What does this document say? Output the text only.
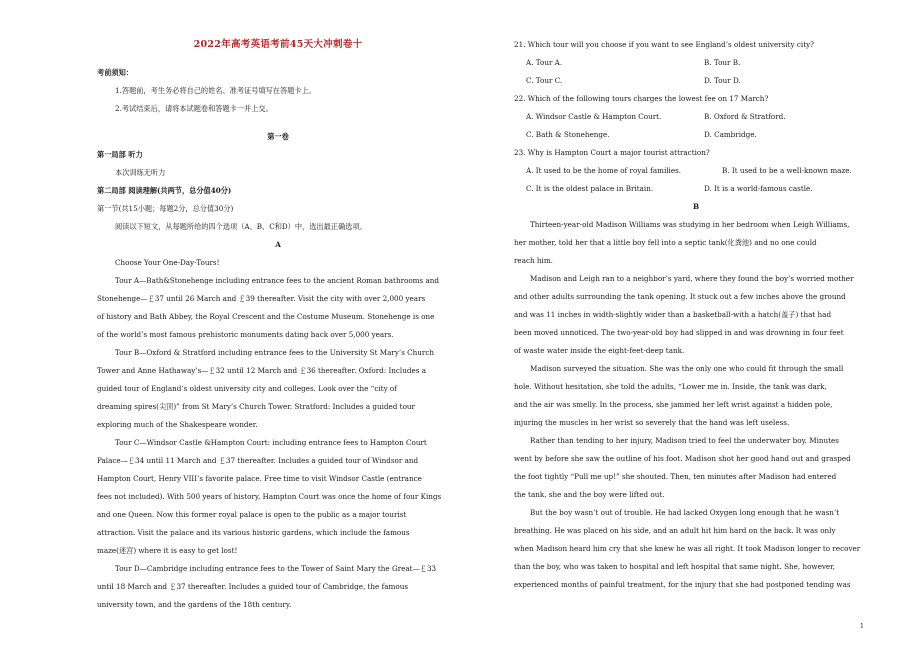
2022年高考英语考前45天大冲刺卷十
考前须知：
1.答题前，考生务必将自己的姓名、准考证号填写在答题卡上。
2.考试结束后，请将本试题卷和答题卡一并上交。
第一卷
第一局部 听力
本次训练无听力
第二局部 阅读理解(共两节，总分值40分)
第一节(共15小题；每题2分，总分值30分)
阅读以下短文，从每题所给的四个选项（A、B、C和D）中，选出最正确选项。
A
Choose Your One-Day-Tours!
Tour A—Bath&Stonehenge including entrance fees to the ancient Roman bathrooms and
Stonehenge—￡37 until 26 March and ￡39 thereafter. Visit the city with over 2,000 years
of history and Bath Abbey, the Royal Crescent and the Costume Museum. Stonehenge is one
of the world’s most famous prehistoric monuments dating back over 5,000 years.
Tour B—Oxford & Stratford including entrance fees to the University St Mary’s Church
Tower and Anne Hathaway’s—￡32 until 12 March and ￡36 thereafter. Oxford: Includes a
guided tour of England’s oldest university city and colleges. Look over the “city of
dreaming spires(尖顶)” from St Mary’s Church Tower. Stratford: Includes a guided tour
exploring much of the Shakespeare wonder.
Tour C—Windsor Castle &Hampton Court: including entrance fees to Hampton Court
Palace—￡34 until 11 March and ￡37 thereafter. Includes a guided tour of Windsor and
Hampton Court, Henry VIII’s favorite palace. Free time to visit Windsor Castle (entrance
fees not included). With 500 years of history, Hampton Court was once the home of four Kings
and one Queen. Now this former royal palace is open to the public as a major tourist
attraction. Visit the palace and its various historic gardens, which include the famous
maze(迷宫) where it is easy to get lost!
Tour D—Cambridge including entrance fees to the Tower of Saint Mary the Great—￡33
until 18 March and ￡37 thereafter. Includes a guided tour of Cambridge, the famous
university town, and the gardens of the 18th century.
21. Which tour will you choose if you want to see England’s oldest university city?
A. Tour A.	B. Tour B.
C. Tour C.	D. Tour D.
22. Which of the following tours charges the lowest fee on 17 March?
A. Windsor Castle & Hampton Court.	B. Oxford & Stratford.
C. Bath & Stonehenge.	D. Cambridge.
23. Why is Hampton Court a major tourist attraction?
A. It used to be the home of royal families.	B. It used to be a well-known maze.
C. It is the oldest palace in Britain.	D. It is a world-famous castle.
B
Thirteen-year-old Madison Williams was studying in her bedroom when Leigh Williams,
her mother, told her that a little boy fell into a septic tank(化粪池) and no one could
reach him.
Madison and Leigh ran to a neighbor’s yard, where they found the boy’s worried mother
and other adults surrounding the tank opening. It stuck out a few inches above the ground
and was 11 inches in width-slightly wider than a basketball-with a hatch(盖子) that had
been moved unnoticed. The two-year-old boy had slipped in and was drowning in four feet
of waste water inside the eight-feet-deep tank.
Madison surveyed the situation. She was the only one who could fit through the small
hole. Without hesitation, she told the adults, “Lower me in. Inside, the tank was dark,
and the air was smelly. In the process, she jammed her left wrist against a hidden pole,
injuring the muscles in her wrist so severely that the hand was left useless.
Rather than tending to her injury, Madison tried to feel the underwater boy. Minutes
went by before she saw the outline of his foot. Madison shot her good hand out and grasped
the foot tightly “Pull me up!” she shouted. Then, ten minutes after Madison had entered
the tank, she and the boy were lifted out.
But the boy wasn’t out of trouble. He had lacked Oxygen long enough that he wasn’t
breathing. He was placed on his side, and an adult hit him hard on the back. It was only
when Madison heard him cry that she knew he was all right. It took Madison longer to recover
than the boy, who was taken to hospital and left hospital that same night. She, however,
experienced months of painful treatment, for the injury that she had postponed tending was
1
